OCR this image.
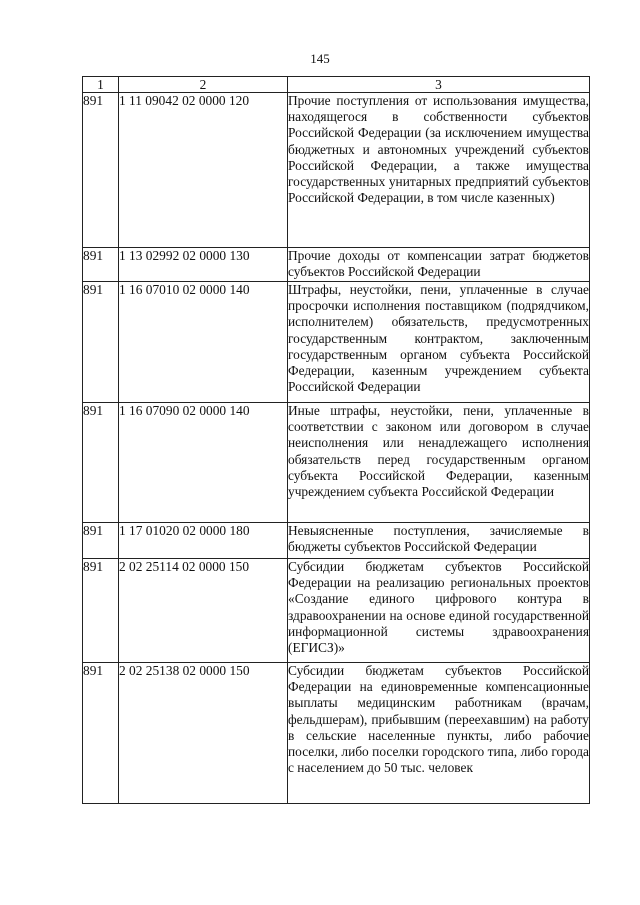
145
1	2	3
891	1 11 09042 02 0000 120	Прочие поступления от использования имущества, находящегося в собственности субъектов Российской Федерации (за исключением имущества бюджетных и автономных учреждений субъектов Российской Федерации, а также имущества государственных унитарных предприятий субъектов Российской Федерации, в том числе казенных)
891	1 13 02992 02 0000 130	Прочие доходы от компенсации затрат бюджетов субъектов Российской Федерации
891	1 16 07010 02 0000 140	Штрафы, неустойки, пени, уплаченные в случае просрочки исполнения поставщиком (подрядчиком, исполнителем) обязательств, предусмотренных государственным контрактом, заключенным государственным органом субъекта Российской Федерации, казенным учреждением субъекта Российской Федерации
891	1 16 07090 02 0000 140	Иные штрафы, неустойки, пени, уплаченные в соответствии с законом или договором в случае неисполнения или ненадлежащего исполнения обязательств перед государственным органом субъекта Российской Федерации, казенным учреждением субъекта Российской Федерации
891	1 17 01020 02 0000 180	Невыясненные поступления, зачисляемые в бюджеты субъектов Российской Федерации
891	2 02 25114 02 0000 150	Субсидии бюджетам субъектов Российской Федерации на реализацию региональных проектов «Создание единого цифрового контура в здравоохранении на основе единой государственной информационной системы здравоохранения (ЕГИСЗ)»
891	2 02 25138 02 0000 150	Субсидии бюджетам субъектов Российской Федерации на единовременные компенсационные выплаты медицинским работникам (врачам, фельдшерам), прибывшим (переехавшим) на работу в сельские населенные пункты, либо рабочие поселки, либо поселки городского типа, либо города с населением до 50 тыс. человек
